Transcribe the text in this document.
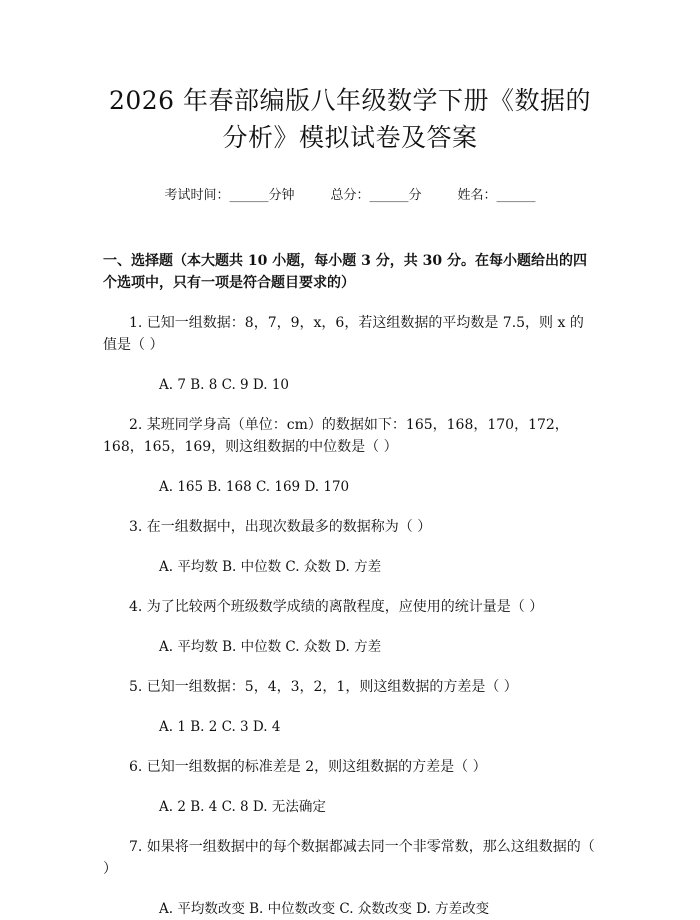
2026 年春部编版八年级数学下册《数据的分析》模拟试卷及答案
考试时间：______分钟	总分：______分	姓名：______
一、选择题（本大题共 10 小题，每小题 3 分，共 30 分。在每小题给出的四个选项中，只有一项是符合题目要求的）
1. 已知一组数据：8，7，9，x，6，若这组数据的平均数是 7.5，则 x 的值是（ ）
A. 7 B. 8 C. 9 D. 10
2. 某班同学身高（单位：cm）的数据如下：165，168，170，172，168，165，169，则这组数据的中位数是（ ）
A. 165 B. 168 C. 169 D. 170
3. 在一组数据中，出现次数最多的数据称为（ ）
A. 平均数 B. 中位数 C. 众数 D. 方差
4. 为了比较两个班级数学成绩的离散程度，应使用的统计量是（ ）
A. 平均数 B. 中位数 C. 众数 D. 方差
5. 已知一组数据：5，4，3，2，1，则这组数据的方差是（ ）
A. 1 B. 2 C. 3 D. 4
6. 已知一组数据的标准差是 2，则这组数据的方差是（ ）
A. 2 B. 4 C. 8 D. 无法确定
7. 如果将一组数据中的每个数据都减去同一个非零常数，那么这组数据的（ ）
A. 平均数改变 B. 中位数改变 C. 众数改变 D. 方差改变
